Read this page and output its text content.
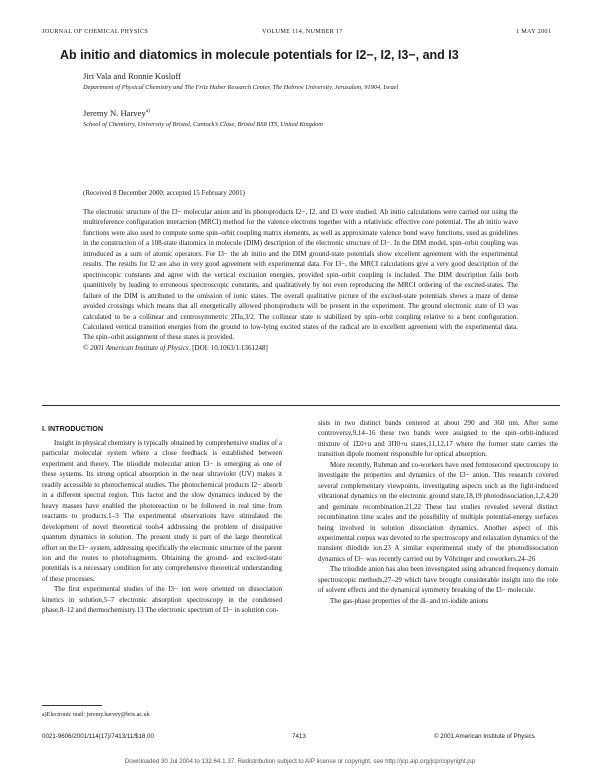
JOURNAL OF CHEMICAL PHYSICS	VOLUME 114, NUMBER 17	1 MAY 2001
Ab initio and diatomics in molecule potentials for I2−, I2, I3−, and I3
Jiri Vala and Ronnie Kosloff
Department of Physical Chemistry and The Fritz Haber Research Center, The Hebrew University, Jerusalem, 91904, Israel
Jeremy N. Harvey$^{a)}$
School of Chemistry, University of Bristol, Cantock’s Close, Bristol BS8 ITS, United Kingdom
(Received 8 December 2000; accepted 15 February 2001)

The electronic structure of the I3− molecular anion and its photoproducts I2−, I2, and I3 were studied. Ab initio calculations were carried out using the multireference configuration interaction (MRCI) method for the valence electrons together with a relativistic effective core potential. The ab initio wave functions were also used to compute some spin–orbit coupling matrix elements, as well as approximate valence bond wave functions, used as guidelines in the construction of a 108-state diatomics in molecule (DIM) description of the electronic structure of I3−. In the DIM model, spin–orbit coupling was introduced as a sum of atomic operators. For I3− the ab initio and the DIM ground-state potentials show excellent agreement with the experimental results. The results for I2 are also in very good agreement with experimental data. For I3−, the MRCI calculations give a very good description of the spectroscopic constants and agree with the vertical excitation energies, provided spin–orbit coupling is included. The DIM description fails both quantitively by leading to erroneous spectroscopic constants, and qualitatively by not even reproducing the MRCI ordering of the excited-states. The failure of the DIM is attributed to the omission of ionic states. The overall qualitative picture of the excited-state potentials shows a maze of dense avoided crossings which means that all energetically allowed photoproducts will be present in the experiment. The ground electronic state of I3 was calculated to be a collinear and centrosymmetric 2Πu,3/2. The collinear state is stabilized by spin–orbit coupling relative to a bent configuration. Calculated vertical transition energies from the ground to low-lying excited states of the radical are in excellent agreement with the experimental data. The spin–orbit assignment of these states is provided.

© 2001 American Institute of Physics. [DOI: 10.1063/1.1361248]

I. INTRODUCTION

Insight in physical chemistry is typically obtained by comprehensive studies of a particular molecular system where a close feedback is established between experiment and theory. The triiodide molecular anion I3− is emerging as one of these systems. Its strong optical absorption in the near ultraviolet (UV) makes it readily accessible to photochemical studies. The photochemical products I2− absorb in a different spectral region. This factor and the slow dynamics induced by the heavy masses have enabled the photoreaction to be followed in real time from reactants to products.1–3 The experimental observations have stimulated the development of novel theoretical tools4 addressing the problem of dissipative quantum dynamics in solution. The present study is part of the large theoretical effort on the I3− system, addressing specifically the electronic structure of the parent ion and the routes to photofragments. Obtaining the ground- and excited-state potentials is a necessary condition for any comprehensive theoretical understanding of these processes.

The first experimental studies of the I3− ion were oriented on dissociation kinetics in solution,5–7 electronic absorption spectroscopy in the condensed phase,8–12 and thermochemistry.13 The electronic spectrum of I3− in solution con-

sists in two distinct bands centered at about 290 and 360 nm. After some controversy,9,14–16 these two bands were assigned to the spin–orbit-induced mixture of 1Σ0+u and 3Π0+u states,11,12,17 where the former state carries the transition dipole moment responsible for optical absorption.

More recently, Ruhman and co-workers have used femtosecond spectroscopy to investigate the properties and dynamics of the I3− anion. This research covered several complementary viewpoints, investigating aspects such as the light-induced vibrational dynamics on the electronic ground state,18,19 photodissociation,1,2,4,20 and geminate recombination.21,22 These last studies revealed several distinct recombination time scales and the possibility of multiple potential-energy surfaces being involved in solution dissociation dynamics. Another aspect of this experimental corpus was devoted to the spectroscopy and relaxation dynamics of the transient diiodide ion.23 A similar experimental study of the photodissociation dynamics of I3− was recently carried out by Vöhringer and coworkers.24–26

The triiodide anion has also been investigated using advanced frequency domain spectroscopic methods,27–29 which have brought considerable insight into the role of solvent effects and the dynamical symmetry breaking of the I3− molecule.

The gas-phase properties of the di- and tri-iodide anions

a)Electronic mail: jeremy.harvey@bris.ac.uk
0021-9606/2001/114(17)/7413/11/$18.00	7413	© 2001 American Institute of Physics
Downloaded 30 Jul 2004 to 132.64.1.37. Redistribution subject to AIP license or copyright, see http://jcp.aip.org/jcp/copyright.jsp
